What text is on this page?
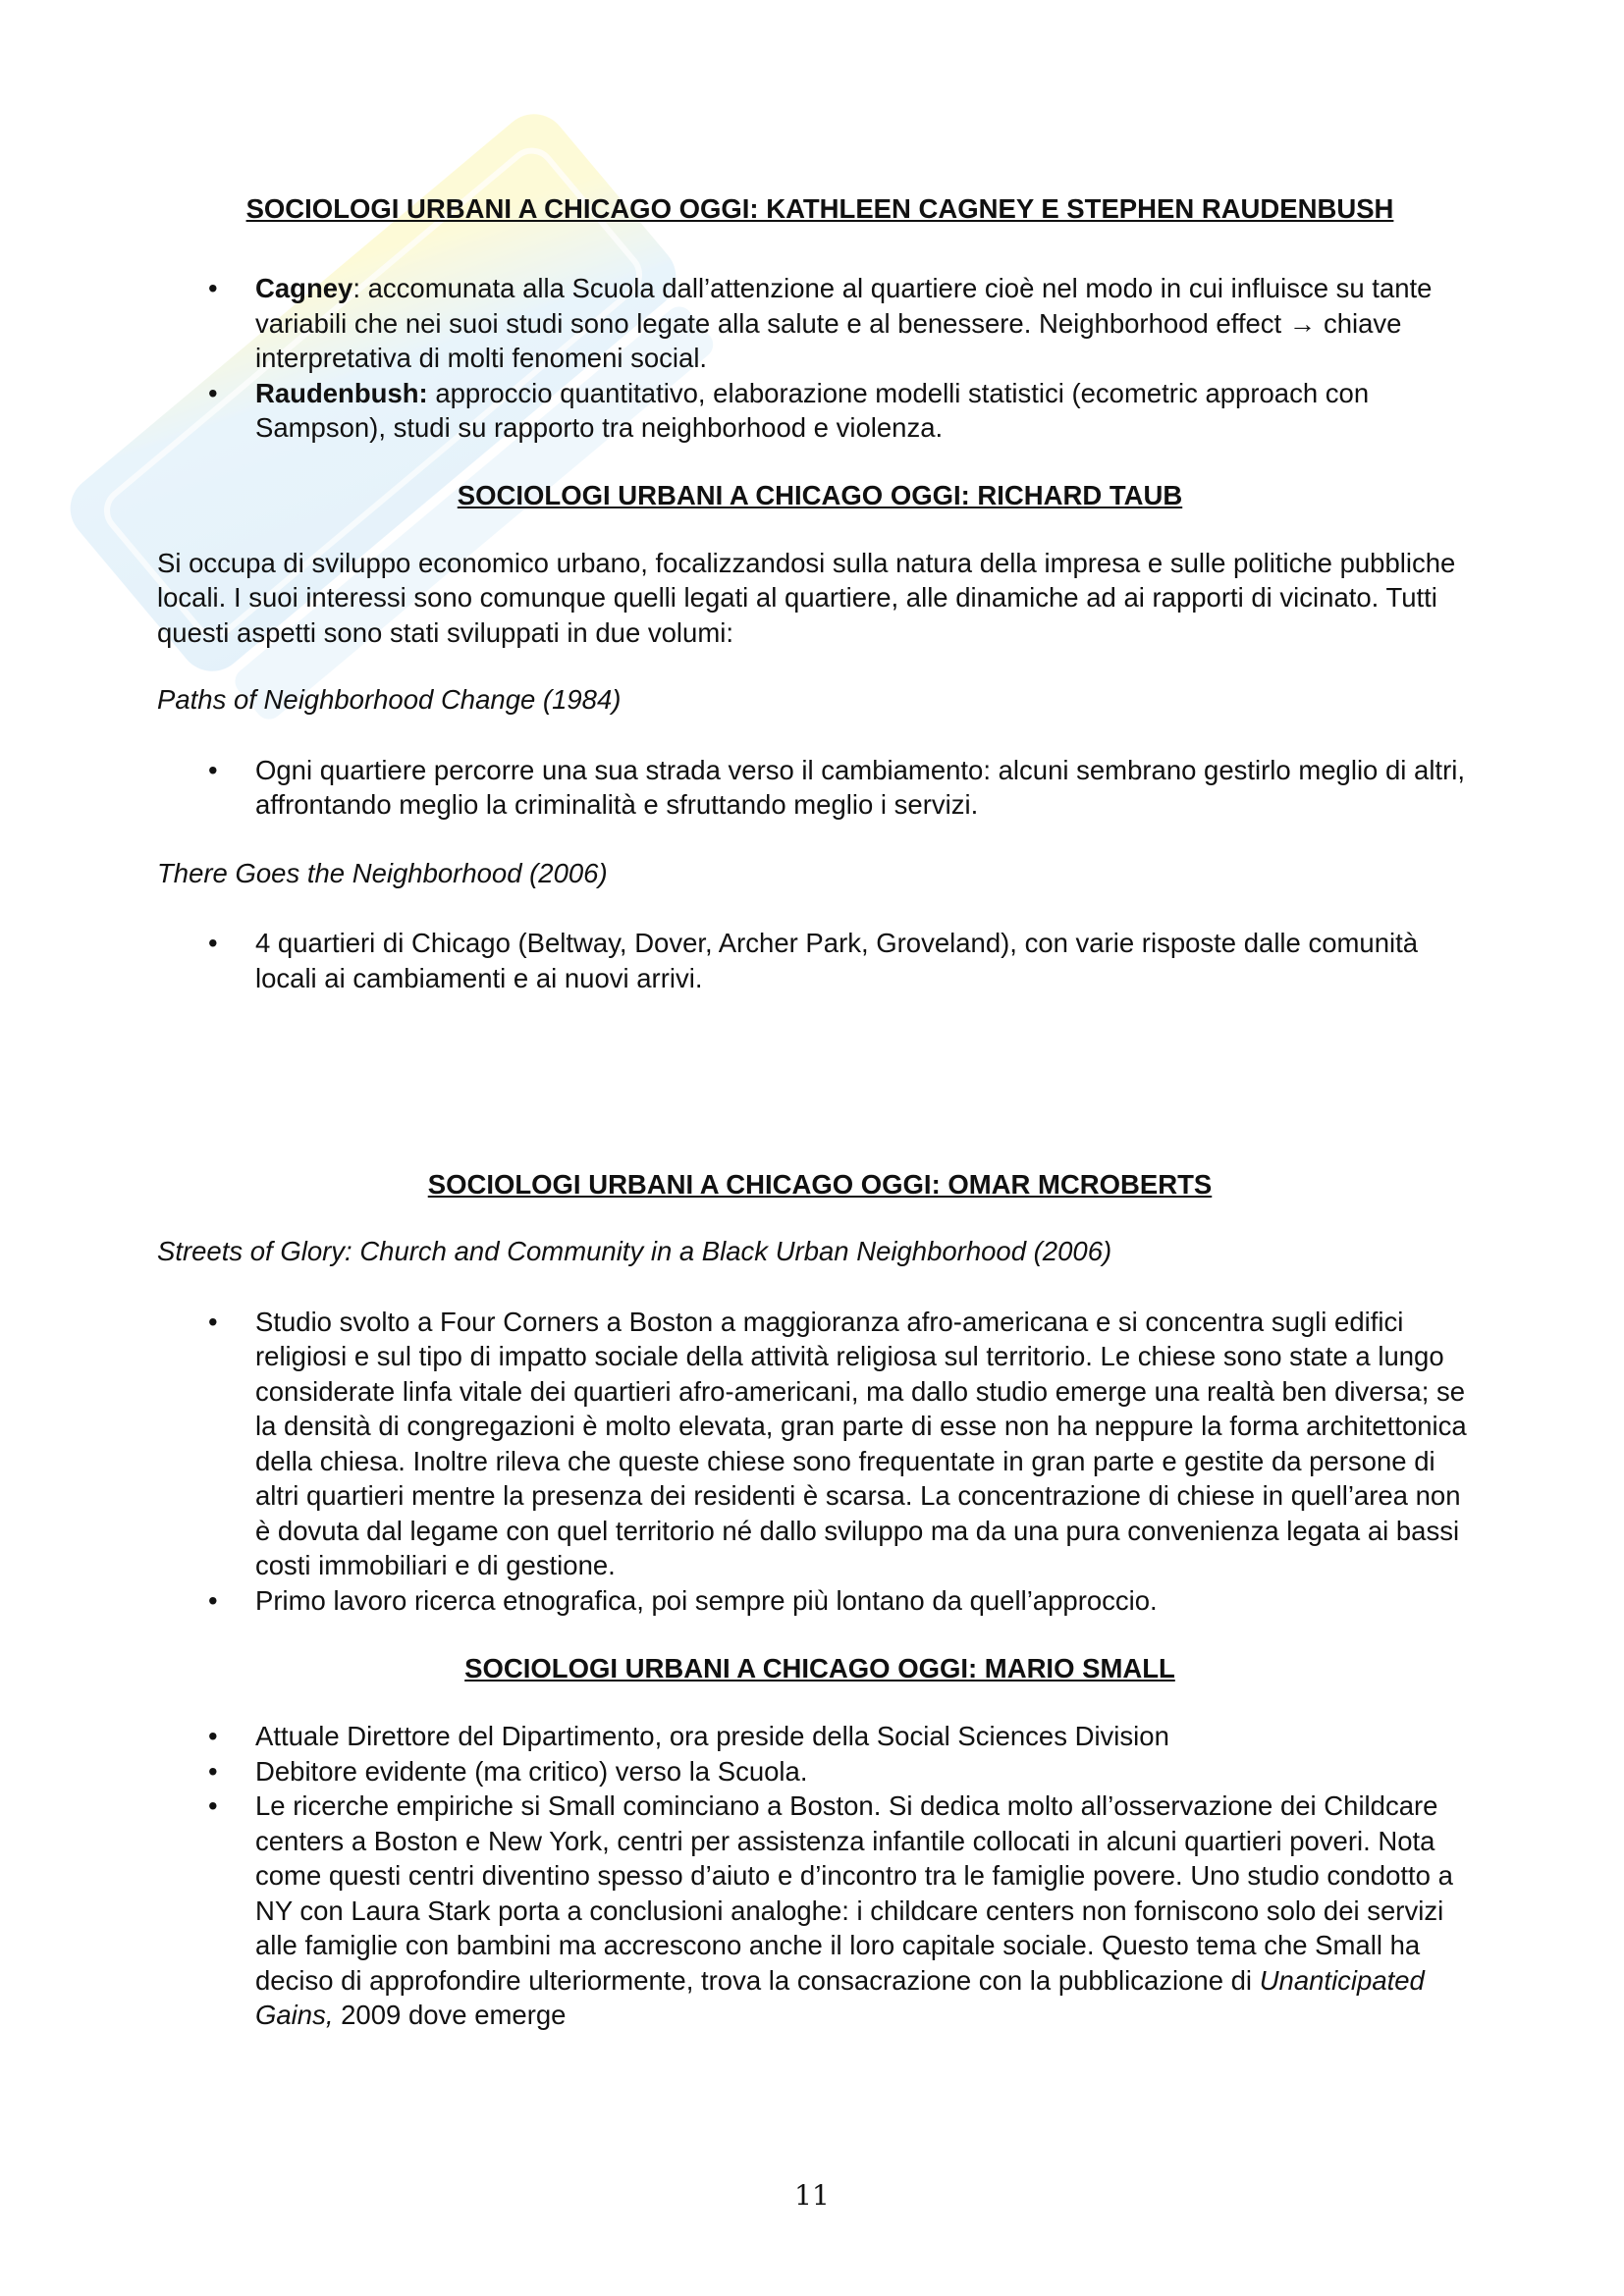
SOCIOLOGI URBANI A CHICAGO OGGI: KATHLEEN CAGNEY E STEPHEN RAUDENBUSH
• Cagney: accomunata alla Scuola dall’attenzione al quartiere cioè nel modo in cui influisce su tante variabili che nei suoi studi sono legate alla salute e al benessere. Neighborhood effect → chiave interpretativa di molti fenomeni social.
• Raudenbush: approccio quantitativo, elaborazione modelli statistici (ecometric approach con Sampson), studi su rapporto tra neighborhood e violenza.
SOCIOLOGI URBANI A CHICAGO OGGI: RICHARD TAUB

Si occupa di sviluppo economico urbano, focalizzandosi sulla natura della impresa e sulle politiche pubbliche locali. I suoi interessi sono comunque quelli legati al quartiere, alle dinamiche ad ai rapporti di vicinato. Tutti questi aspetti sono stati sviluppati in due volumi:

Paths of Neighborhood Change (1984)

• Ogni quartiere percorre una sua strada verso il cambiamento: alcuni sembrano gestirlo meglio di altri, affrontando meglio la criminalità e sfruttando meglio i servizi.

There Goes the Neighborhood (2006)

• 4 quartieri di Chicago (Beltway, Dover, Archer Park, Groveland), con varie risposte dalle comunità locali ai cambiamenti e ai nuovi arrivi.
SOCIOLOGI URBANI A CHICAGO OGGI: OMAR MCROBERTS

Streets of Glory: Church and Community in a Black Urban Neighborhood (2006)

• Studio svolto a Four Corners a Boston a maggioranza afro-americana e si concentra sugli edifici religiosi e sul tipo di impatto sociale della attività religiosa sul territorio. Le chiese sono state a lungo considerate linfa vitale dei quartieri afro-americani, ma dallo studio emerge una realtà ben diversa; se la densità di congregazioni è molto elevata, gran parte di esse non ha neppure la forma architettonica della chiesa. Inoltre rileva che queste chiese sono frequentate in gran parte e gestite da persone di altri quartieri mentre la presenza dei residenti è scarsa. La concentrazione di chiese in quell’area non è dovuta dal legame con quel territorio né dallo sviluppo ma da una pura convenienza legata ai bassi costi immobiliari e di gestione.
• Primo lavoro ricerca etnografica, poi sempre più lontano da quell’approccio.
SOCIOLOGI URBANI A CHICAGO OGGI: MARIO SMALL
• Attuale Direttore del Dipartimento, ora preside della Social Sciences Division
• Debitore evidente (ma critico) verso la Scuola.
• Le ricerche empiriche si Small cominciano a Boston. Si dedica molto all’osservazione dei Childcare centers a Boston e New York, centri per assistenza infantile collocati in alcuni quartieri poveri. Nota come questi centri diventino spesso d’aiuto e d’incontro tra le famiglie povere. Uno studio condotto a NY con Laura Stark porta a conclusioni analoghe: i childcare centers non forniscono solo dei servizi alle famiglie con bambini ma accrescono anche il loro capitale sociale. Questo tema che Small ha deciso di approfondire ulteriormente, trova la consacrazione con la pubblicazione di Unanticipated Gains, 2009 dove emerge
11
